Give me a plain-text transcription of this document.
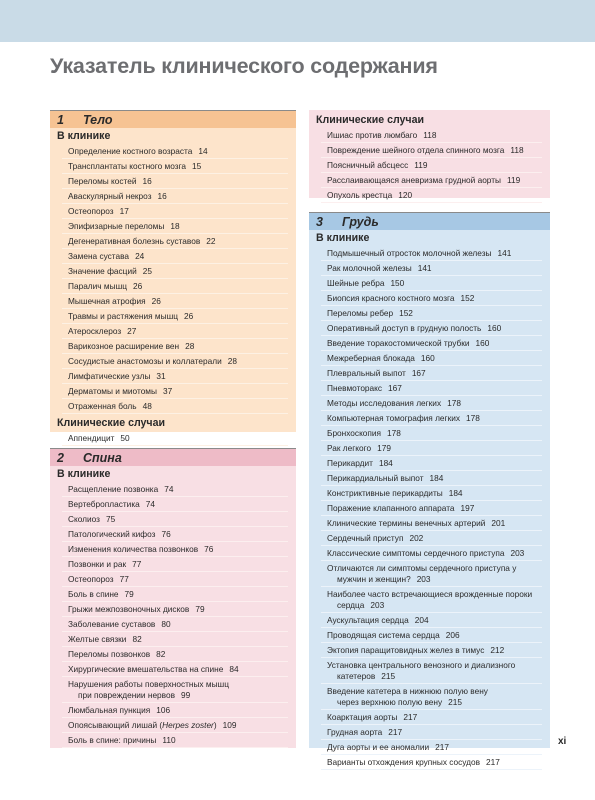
Указатель клинического содержания
1 Тело
В клинике
Определение костного возраста 14
Трансплантаты костного мозга 15
Переломы костей 16
Аваскулярный некроз 16
Остеопороз 17
Эпифизарные переломы 18
Дегенеративная болезнь суставов 22
Замена сустава 24
Значение фасций 25
Паралич мышц 26
Мышечная атрофия 26
Травмы и растяжения мышц 26
Атеросклероз 27
Варикозное расширение вен 28
Сосудистые анастомозы и коллатерали 28
Лимфатические узлы 31
Дерматомы и миотомы 37
Отраженная боль 48
Клинические случаи
Аппендицит 50
Клинические случаи
Ишиас против люмбаго 118
Повреждение шейного отдела спинного мозга 118
Поясничный абсцесс 119
Расслаивающаяся аневризма грудной аорты 119
Опухоль крестца 120
2 Спина
В клинике
Расщепление позвонка 74
Вертебропластика 74
Сколиоз 75
Патологический кифоз 76
Изменения количества позвонков 76
Позвонки и рак 77
Остеопороз 77
Боль в спине 79
Грыжи межпозвоночных дисков 79
Заболевание суставов 80
Желтые связки 82
Переломы позвонков 82
Хирургические вмешательства на спине 84
Нарушения работы поверхностных мышц
при повреждении нервов 99
Люмбальная пункция 106
Опоясывающий лишай (Herpes zoster) 109
Боль в спине: причины 110
3 Грудь
В клинике
Подмышечный отросток молочной железы 141
Рак молочной железы 141
Шейные ребра 150
Биопсия красного костного мозга 152
Переломы ребер 152
Оперативный доступ в грудную полость 160
Введение торакостомической трубки 160
Межреберная блокада 160
Плевральный выпот 167
Пневмоторакс 167
Методы исследования легких 178
Компьютерная томография легких 178
Бронхоскопия 178
Рак легкого 179
Перикардит 184
Перикардиальный выпот 184
Констриктивные перикардиты 184
Поражение клапанного аппарата 197
Клинические термины венечных артерий 201
Сердечный приступ 202
Классические симптомы сердечного приступа 203
Отличаются ли симптомы сердечного приступа у
мужчин и женщин? 203
Наиболее часто встречающиеся врожденные пороки
сердца 203
Аускультация сердца 204
Проводящая система сердца 206
Эктопия паращитовидных желез в тимус 212
Установка центрального венозного и диализного
катетеров 215
Введение катетера в нижнюю полую вену
через верхнюю полую вену 215
Коарктация аорты 217
Грудная аорта 217
Дуга аорты и ее аномалии 217
Варианты отхождения крупных сосудов 217
xi
